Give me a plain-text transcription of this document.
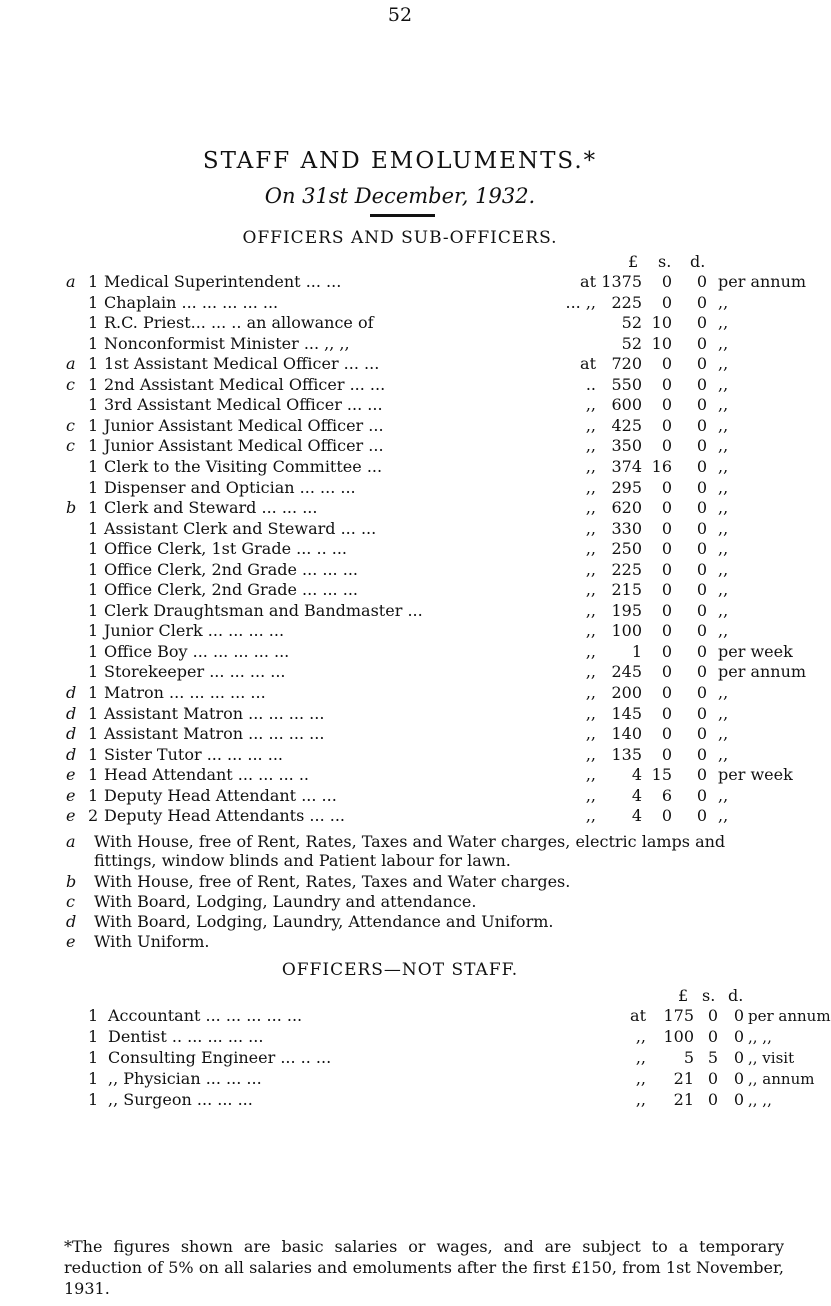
52
STAFF AND EMOLUMENTS.*
On 31st December, 1932.
OFFICERS AND SUB-OFFICERS.
£ s. d.
a 1 Medical Superintendent ... ...	at 1375	0	0 per annum
1 Chaplain ... ... ... ... ...	... ,, 225	0	0 ,,
1 R.C. Priest... ... .. an allowance of	52 10	0 ,,
1 Nonconformist Minister ... ,, ,,	52 10	0 ,,
a 1 1st Assistant Medical Officer ... ...	at 720	0	0 ,,
c 1 2nd Assistant Medical Officer ... ...	.. 550	0	0 ,,
1 3rd Assistant Medical Officer ... ...	,, 600	0	0 ,,
c 1 Junior Assistant Medical Officer ...	,, 425	0	0 ,,
c 1 Junior Assistant Medical Officer ...	,, 350	0	0 ,,
1 Clerk to the Visiting Committee ...	,, 374 16	0 ,,
1 Dispenser and Optician ... ... ...	,, 295	0	0 ,,
b 1 Clerk and Steward ... ... ...	,, 620	0	0 ,,
1 Assistant Clerk and Steward ... ...	,, 330	0	0 ,,
1 Office Clerk, 1st Grade ... .. ...	,, 250	0	0 ,,
1 Office Clerk, 2nd Grade ... ... ...	,, 225	0	0 ,,
1 Office Clerk, 2nd Grade ... ... ...	,, 215	0	0 ,,
1 Clerk Draughtsman and Bandmaster ...	,, 195	0	0 ,,
1 Junior Clerk ... ... ... ...	,, 100	0	0 ,,
1 Office Boy ... ... ... ... ...	,,	1	0	0 per week
1 Storekeeper ... ... ... ...	,, 245	0	0 per annum
d 1 Matron ... ... ... ... ...	,, 200	0	0 ,,
d 1 Assistant Matron ... ... ... ...	,, 145	0	0 ,,
d 1 Assistant Matron ... ... ... ...	,, 140	0	0 ,,
d 1 Sister Tutor ... ... ... ...	,, 135	0	0 ,,
e 1 Head Attendant ... ... ... ..	,,	4 15	0 per week
e 1 Deputy Head Attendant ... ...	,,	4	6	0 ,,
e 2 Deputy Head Attendants ... ...	,,	4	0	0 ,,
a With House, free of Rent, Rates, Taxes and Water charges, electric lamps and fittings, window blinds and Patient labour for lawn.
b With House, free of Rent, Rates, Taxes and Water charges.
c With Board, Lodging, Laundry and attendance.
d With Board, Lodging, Laundry, Attendance and Uniform.
e With Uniform.
OFFICERS—NOT STAFF.
£ s. d.
1 Accountant ... ... ... ... ...	at	175 0 0 per annum
1 Dentist .. ... ... ... ...	,,	100 0 0 ,, ,,
1 Consulting Engineer ... .. ...	,,	5 5 0 ,, visit
1 ,, Physician ... ... ...	,,	21 0 0 ,, annum
1 ,, Surgeon ... ... ...	,,	21 0 0 ,, ,,
*The figures shown are basic salaries or wages, and are subject to a temporary reduction of 5% on all salaries and emoluments after the first £150, from 1st November, 1931.
